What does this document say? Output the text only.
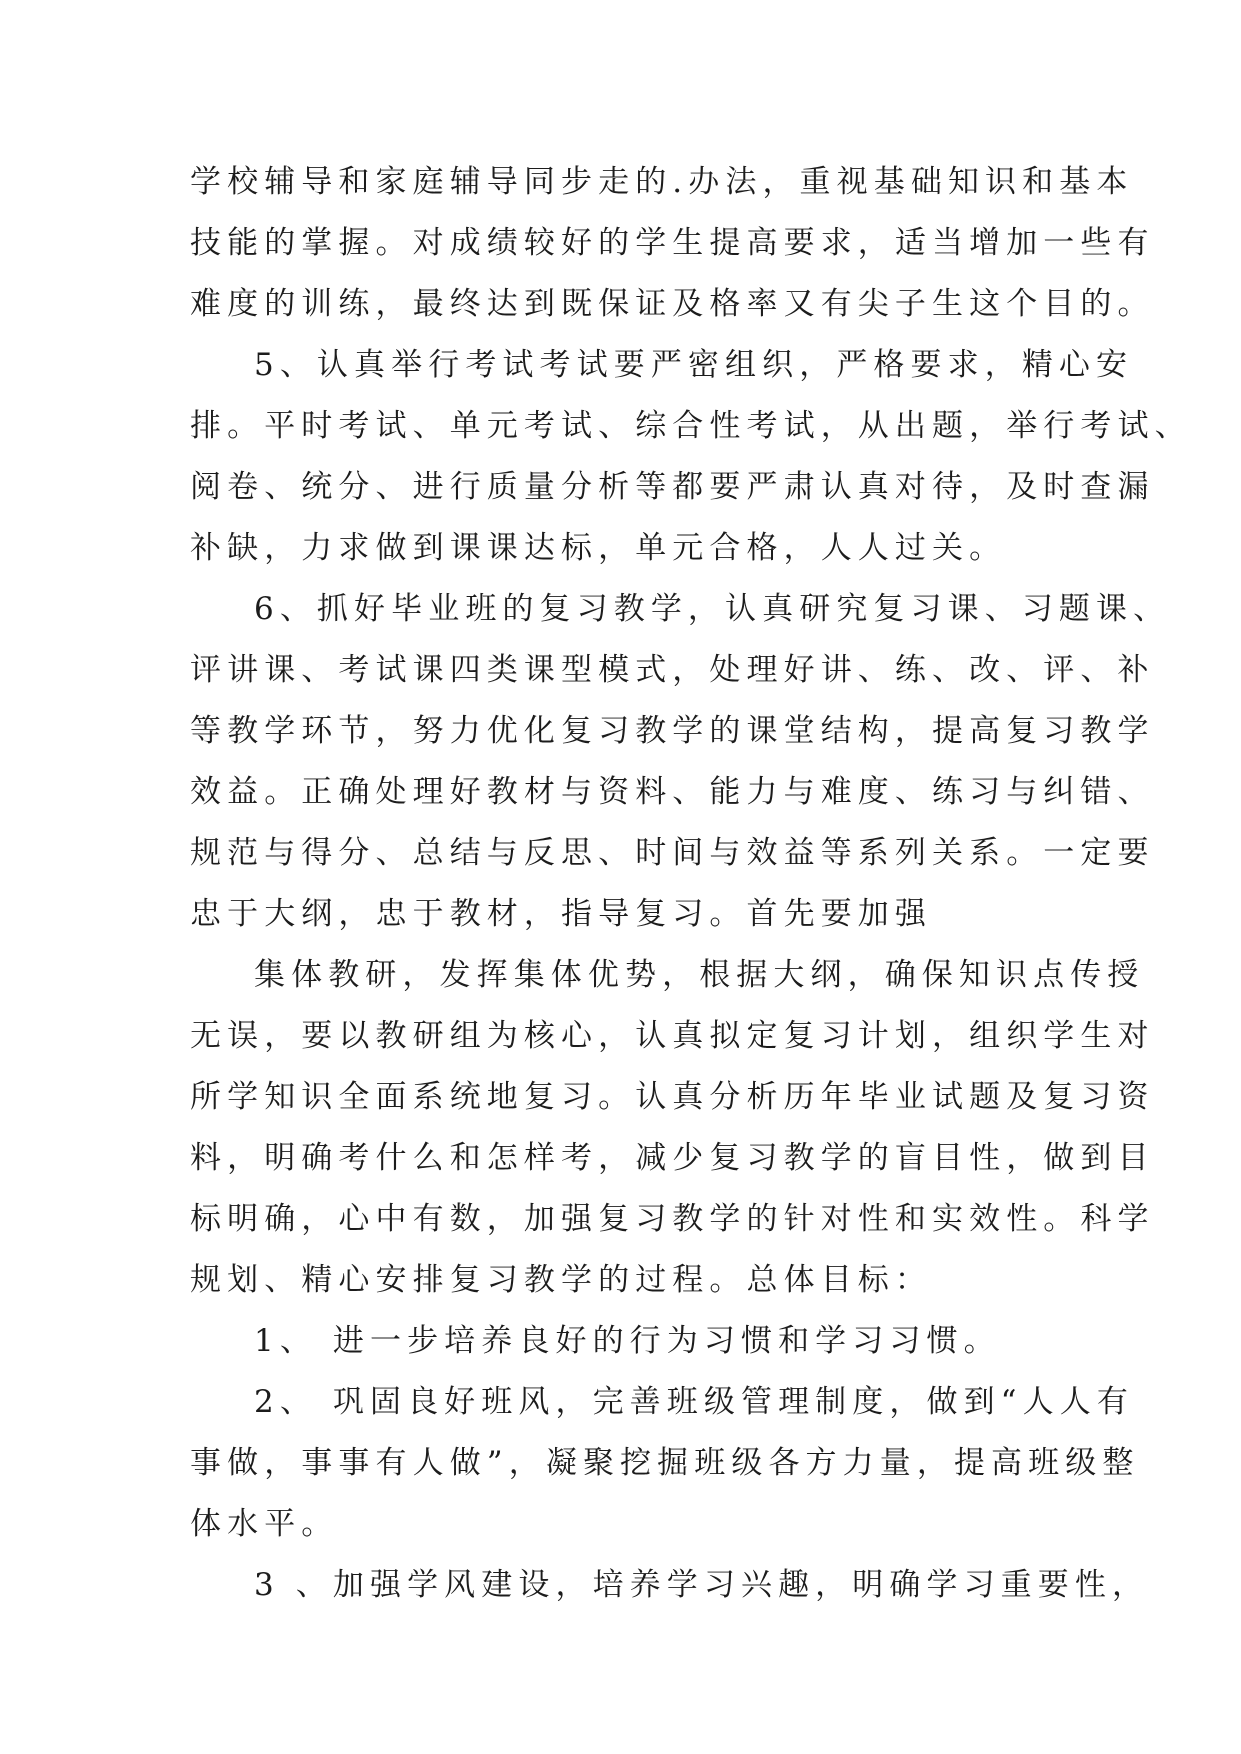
学校辅导和家庭辅导同步走的.办法，重视基础知识和基本
技能的掌握。对成绩较好的学生提高要求，适当增加一些有
难度的训练，最终达到既保证及格率又有尖子生这个目的。
5、认真举行考试考试要严密组织，严格要求，精心安
排。平时考试、单元考试、综合性考试，从出题，举行考试、
阅卷、统分、进行质量分析等都要严肃认真对待，及时查漏
补缺，力求做到课课达标，单元合格，人人过关。
6、抓好毕业班的复习教学，认真研究复习课、习题课、
评讲课、考试课四类课型模式，处理好讲、练、改、评、补
等教学环节，努力优化复习教学的课堂结构，提高复习教学
效益。正确处理好教材与资料、能力与难度、练习与纠错、
规范与得分、总结与反思、时间与效益等系列关系。一定要
忠于大纲，忠于教材，指导复习。首先要加强
集体教研，发挥集体优势，根据大纲，确保知识点传授
无误，要以教研组为核心，认真拟定复习计划，组织学生对
所学知识全面系统地复习。认真分析历年毕业试题及复习资
料，明确考什么和怎样考，减少复习教学的盲目性，做到目
标明确，心中有数，加强复习教学的针对性和实效性。科学
规划、精心安排复习教学的过程。总体目标：
1、 进一步培养良好的行为习惯和学习习惯。
2、 巩固良好班风，完善班级管理制度，做到“人人有
事做，事事有人做”，凝聚挖掘班级各方力量，提高班级整
体水平。
3 、加强学风建设，培养学习兴趣，明确学习重要性，
